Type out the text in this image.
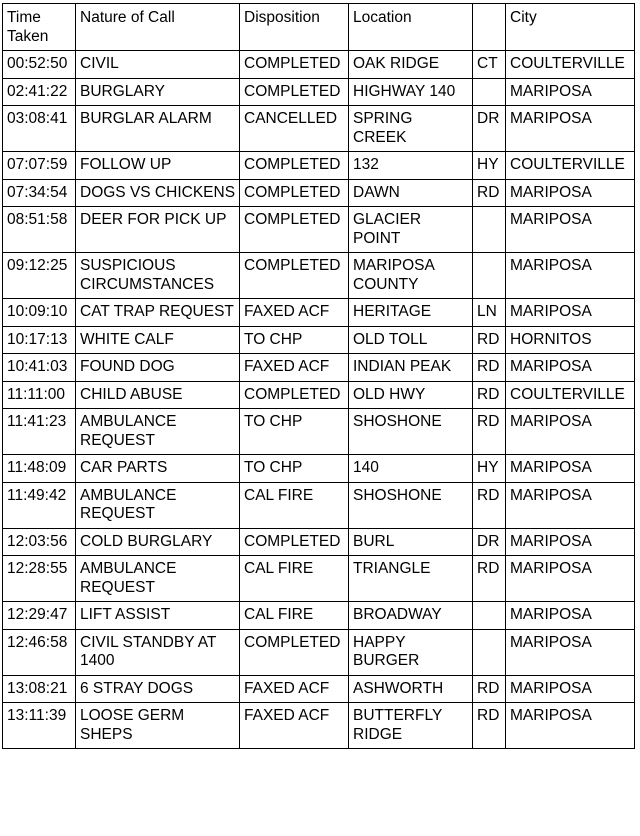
Time Taken	Nature of Call	Disposition	Location		City
00:52:50	CIVIL	COMPLETED	OAK RIDGE	CT	COULTERVILLE
02:41:22	BURGLARY	COMPLETED	HIGHWAY 140		MARIPOSA
03:08:41	BURGLAR ALARM	CANCELLED	SPRING CREEK	DR	MARIPOSA
07:07:59	FOLLOW UP	COMPLETED	132	HY	COULTERVILLE
07:34:54	DOGS VS CHICKENS	COMPLETED	DAWN	RD	MARIPOSA
08:51:58	DEER FOR PICK UP	COMPLETED	GLACIER POINT		MARIPOSA
09:12:25	SUSPICIOUS CIRCUMSTANCES	COMPLETED	MARIPOSA COUNTY		MARIPOSA
10:09:10	CAT TRAP REQUEST	FAXED ACF	HERITAGE	LN	MARIPOSA
10:17:13	WHITE CALF	TO CHP	OLD TOLL	RD	HORNITOS
10:41:03	FOUND DOG	FAXED ACF	INDIAN PEAK	RD	MARIPOSA
11:11:00	CHILD ABUSE	COMPLETED	OLD HWY	RD	COULTERVILLE
11:41:23	AMBULANCE REQUEST	TO CHP	SHOSHONE	RD	MARIPOSA
11:48:09	CAR PARTS	TO CHP	140	HY	MARIPOSA
11:49:42	AMBULANCE REQUEST	CAL FIRE	SHOSHONE	RD	MARIPOSA
12:03:56	COLD BURGLARY	COMPLETED	BURL	DR	MARIPOSA
12:28:55	AMBULANCE REQUEST	CAL FIRE	TRIANGLE	RD	MARIPOSA
12:29:47	LIFT ASSIST	CAL FIRE	BROADWAY		MARIPOSA
12:46:58	CIVIL STANDBY AT 1400	COMPLETED	HAPPY BURGER		MARIPOSA
13:08:21	6 STRAY DOGS	FAXED ACF	ASHWORTH	RD	MARIPOSA
13:11:39	LOOSE GERM SHEPS	FAXED ACF	BUTTERFLY RIDGE	RD	MARIPOSA
